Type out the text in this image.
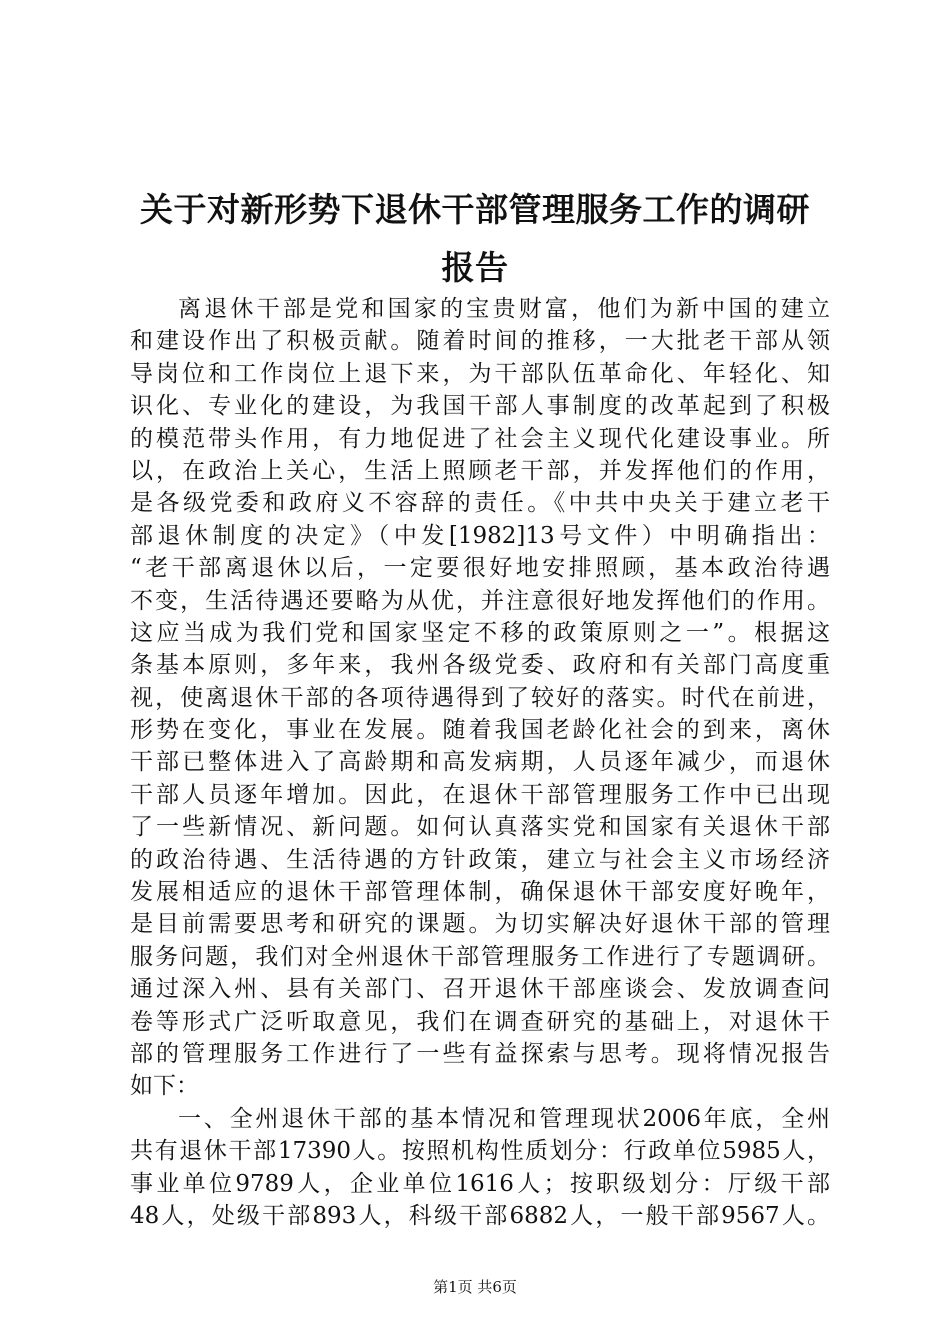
关于对新形势下退休干部管理服务工作的调研
报告
离退休干部是党和国家的宝贵财富，他们为新中国的建立
和建设作出了积极贡献。随着时间的推移，一大批老干部从领
导岗位和工作岗位上退下来，为干部队伍革命化、年轻化、知
识化、专业化的建设，为我国干部人事制度的改革起到了积极
的模范带头作用，有力地促进了社会主义现代化建设事业。所
以，在政治上关心，生活上照顾老干部，并发挥他们的作用，
是各级党委和政府义不容辞的责任。《中共中央关于建立老干
部退休制度的决定》（中发[1982]13号文件）中明确指出：
“老干部离退休以后，一定要很好地安排照顾，基本政治待遇
不变，生活待遇还要略为从优，并注意很好地发挥他们的作用。
这应当成为我们党和国家坚定不移的政策原则之一”。根据这
条基本原则，多年来，我州各级党委、政府和有关部门高度重
视，使离退休干部的各项待遇得到了较好的落实。时代在前进，
形势在变化，事业在发展。随着我国老龄化社会的到来，离休
干部已整体进入了高龄期和高发病期，人员逐年减少，而退休
干部人员逐年增加。因此，在退休干部管理服务工作中已出现
了一些新情况、新问题。如何认真落实党和国家有关退休干部
的政治待遇、生活待遇的方针政策，建立与社会主义市场经济
发展相适应的退休干部管理体制，确保退休干部安度好晚年，
是目前需要思考和研究的课题。为切实解决好退休干部的管理
服务问题，我们对全州退休干部管理服务工作进行了专题调研。
通过深入州、县有关部门、召开退休干部座谈会、发放调查问
卷等形式广泛听取意见，我们在调查研究的基础上，对退休干
部的管理服务工作进行了一些有益探索与思考。现将情况报告
如下：
一、全州退休干部的基本情况和管理现状2006年底，全州
共有退休干部17390人。按照机构性质划分：行政单位5985人，
事业单位9789人，企业单位1616人；按职级划分：厅级干部
48人，处级干部893人，科级干部6882人，一般干部9567人。
第1页 共6页
